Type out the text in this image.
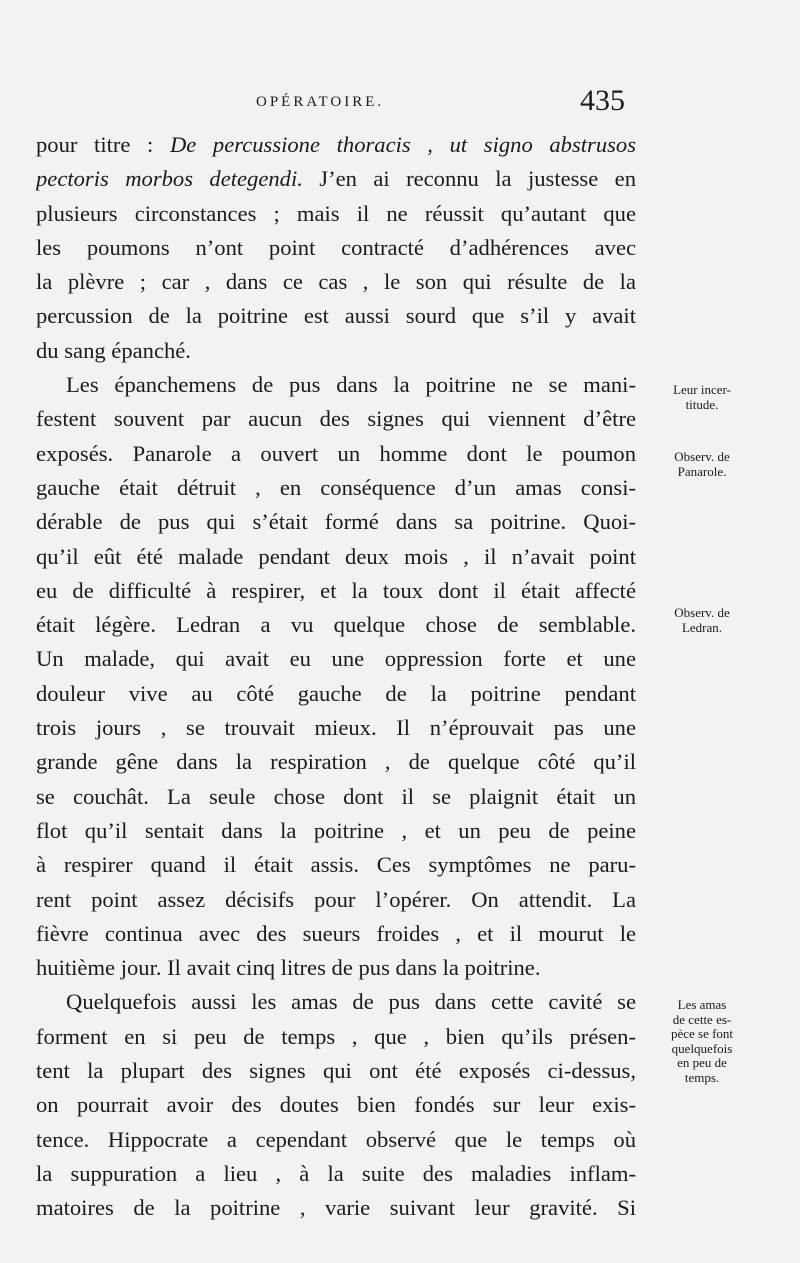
OPÉRATOIRE.	435
pour titre : De percussione thoracis , ut signo abstrusos
pectoris morbos detegendi. J’en ai reconnu la justesse en
plusieurs circonstances ; mais il ne réussit qu’autant que
les poumons n’ont point contracté d’adhérences avec
la plèvre ; car , dans ce cas , le son qui résulte de la
percussion de la poitrine est aussi sourd que s’il y avait
du sang épanché.
Les épanchemens de pus dans la poitrine ne se mani-
festent souvent par aucun des signes qui viennent d’être
exposés. Panarole a ouvert un homme dont le poumon
gauche était détruit , en conséquence d’un amas consi-
dérable de pus qui s’était formé dans sa poitrine. Quoi-
qu’il eût été malade pendant deux mois , il n’avait point
eu de difficulté à respirer, et la toux dont il était affecté
était légère. Ledran a vu quelque chose de semblable.
Un malade, qui avait eu une oppression forte et une
douleur vive au côté gauche de la poitrine pendant
trois jours , se trouvait mieux. Il n’éprouvait pas une
grande gêne dans la respiration , de quelque côté qu’il
se couchât. La seule chose dont il se plaignit était un
flot qu’il sentait dans la poitrine , et un peu de peine
à respirer quand il était assis. Ces symptômes ne paru-
rent point assez décisifs pour l’opérer. On attendit. La
fièvre continua avec des sueurs froides , et il mourut le
huitième jour. Il avait cinq litres de pus dans la poitrine.
Quelquefois aussi les amas de pus dans cette cavité se
forment en si peu de temps , que , bien qu’ils présen-
tent la plupart des signes qui ont été exposés ci-dessus,
on pourrait avoir des doutes bien fondés sur leur exis-
tence. Hippocrate a cependant observé que le temps où
la suppuration a lieu , à la suite des maladies inflam-
matoires de la poitrine , varie suivant leur gravité. Si
Leur incer-
titude.
Observ. de
Panarole.
Observ. de
Ledran.
Les amas
de cette es-
pèce se font
quelquefois
en peu de
temps.
